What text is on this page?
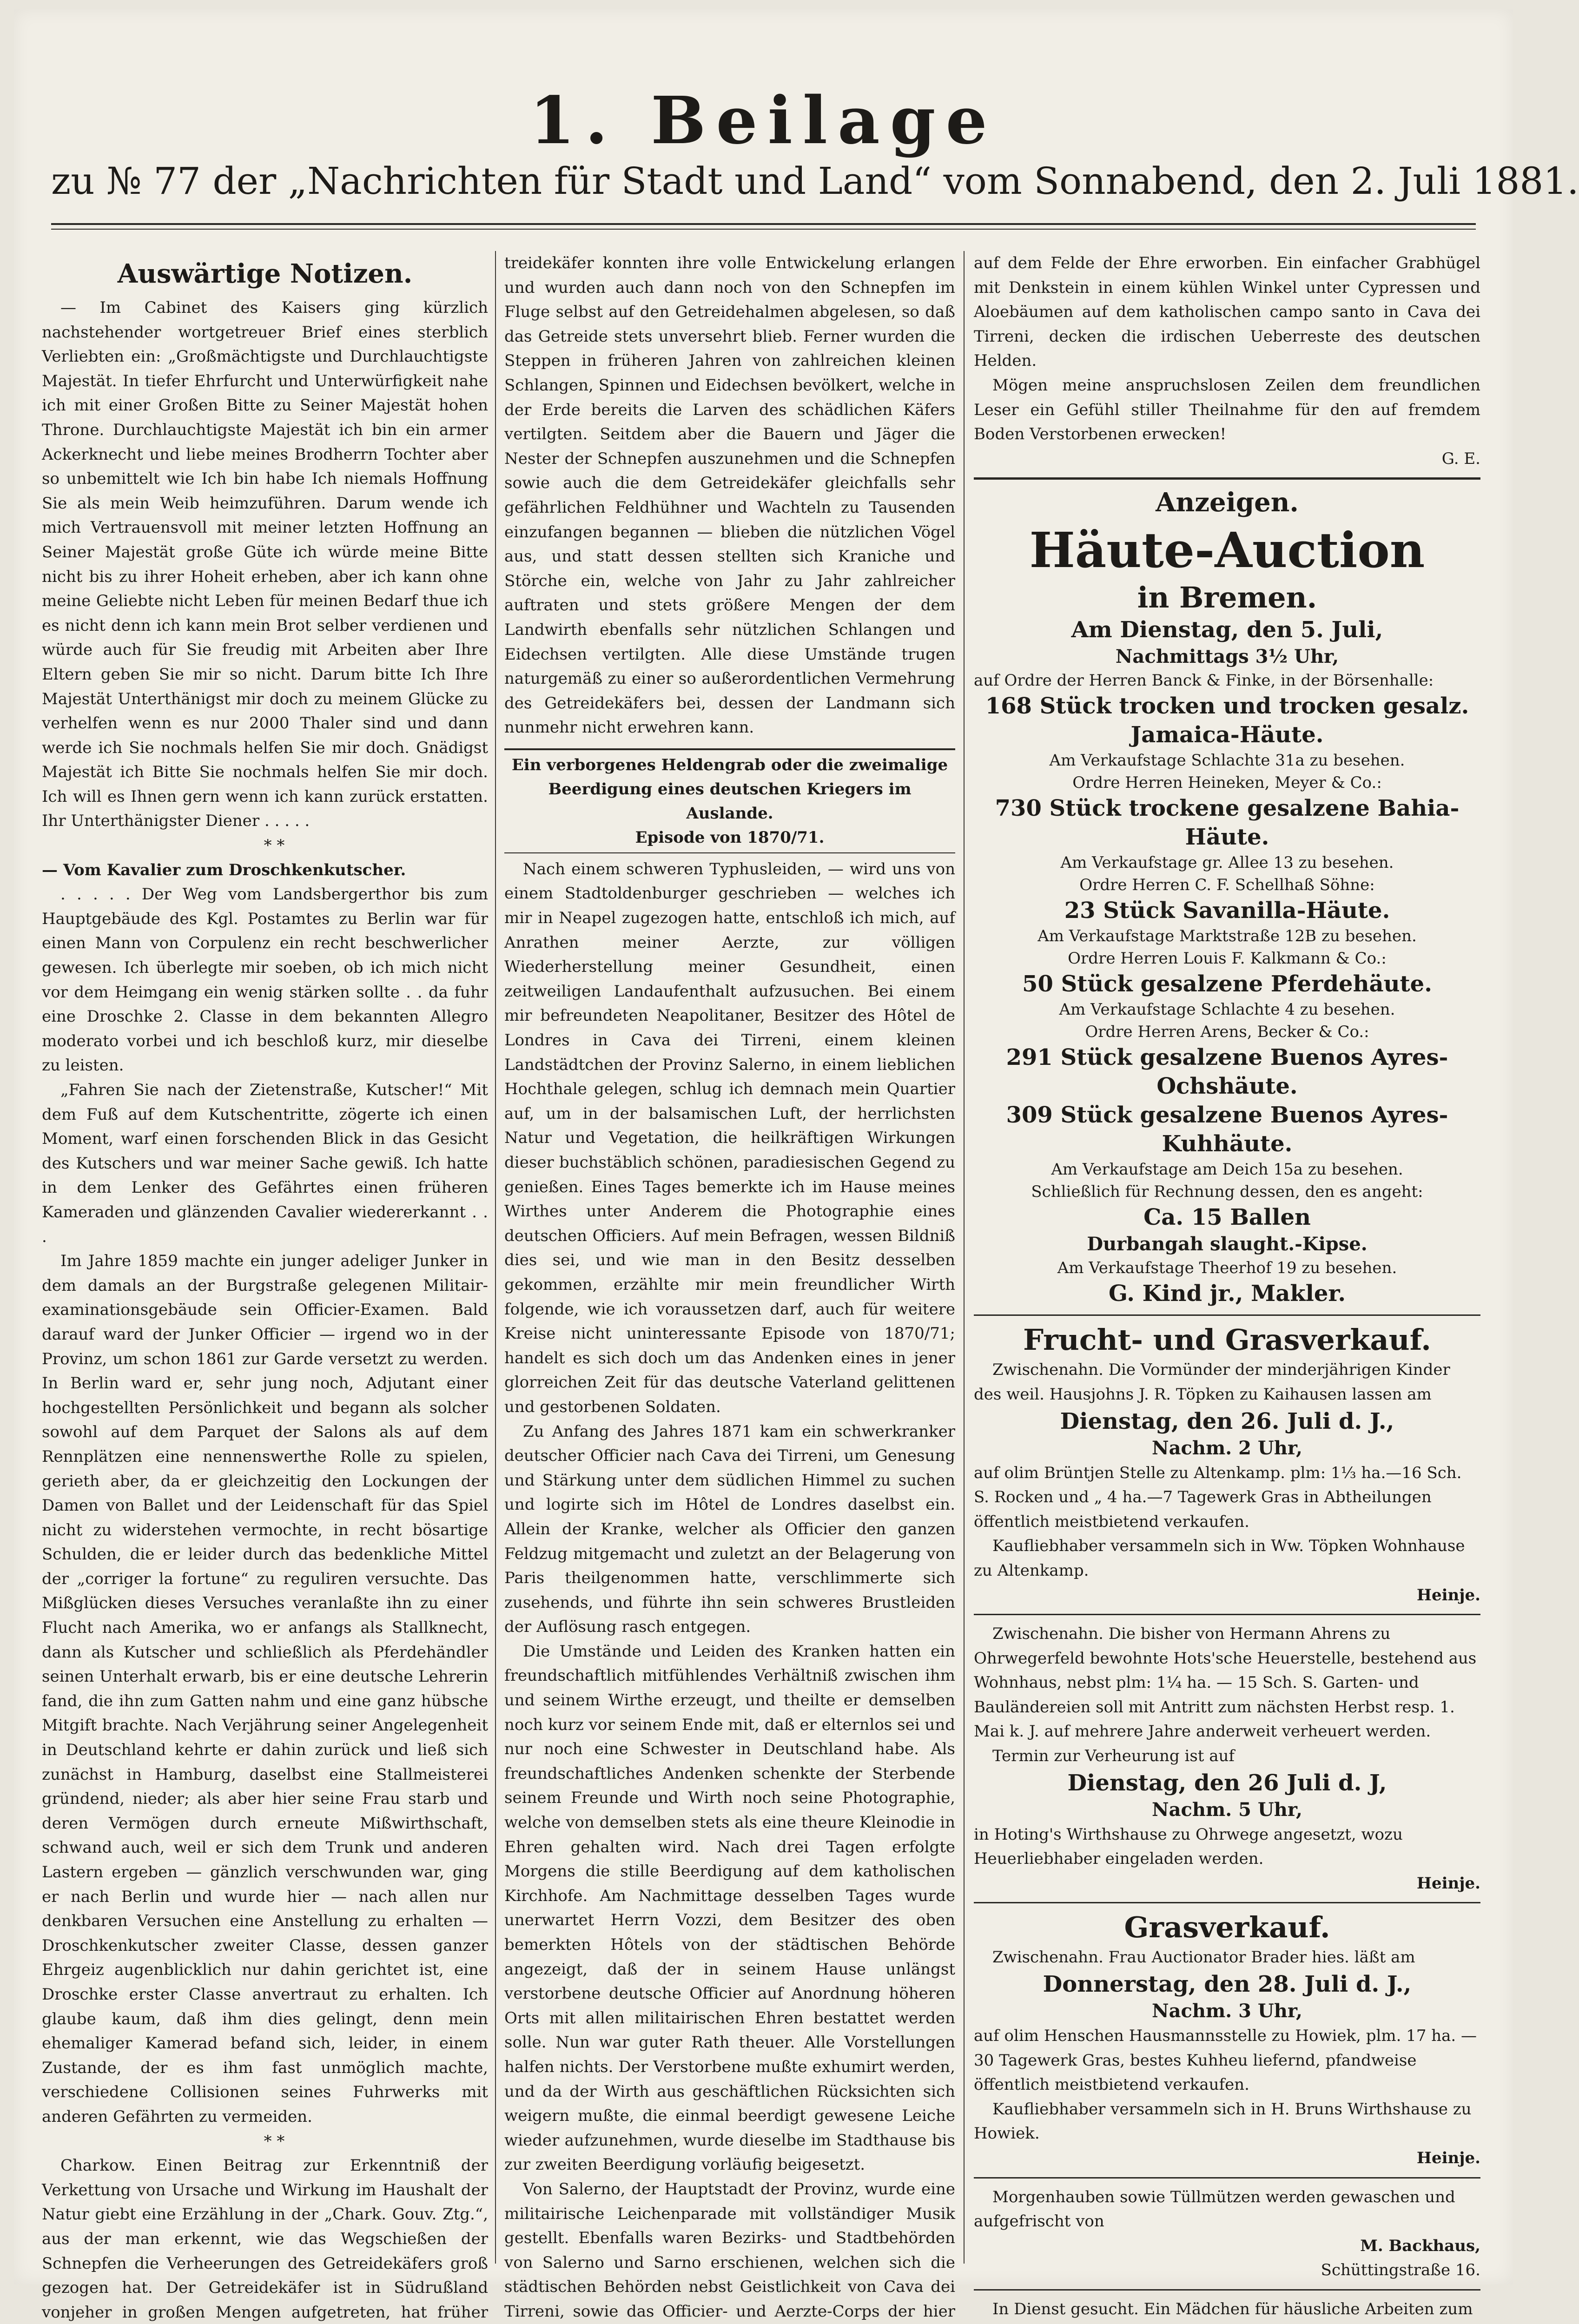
1. Beilage
zu № 77 der „Nachrichten für Stadt und Land“ vom Sonnabend, den 2. Juli 1881.
Auswärtige Notizen.

— Im Cabinet des Kaisers ging kürzlich nachstehender wortgetreuer Brief eines sterblich Verliebten ein: „Großmächtigste und Durchlauchtigste Majestät. In tiefer Ehrfurcht und Unterwürfigkeit nahe ich mit einer Großen Bitte zu Seiner Majestät hohen Throne. Durchlauchtigste Majestät ich bin ein armer Ackerknecht und liebe meines Brodherrn Tochter aber so unbemittelt wie Ich bin habe Ich niemals Hoffnung Sie als mein Weib heimzuführen. Darum wende ich mich Vertrauensvoll mit meiner letzten Hoffnung an Seiner Majestät große Güte ich würde meine Bitte nicht bis zu ihrer Hoheit erheben, aber ich kann ohne meine Geliebte nicht Leben für meinen Bedarf thue ich es nicht denn ich kann mein Brot selber verdienen und würde auch für Sie freudig mit Arbeiten aber Ihre Eltern geben Sie mir so nicht. Darum bitte Ich Ihre Majestät Unterthänigst mir doch zu meinem Glücke zu verhelfen wenn es nur 2000 Thaler sind und dann werde ich Sie nochmals helfen Sie mir doch. Gnädigst Majestät ich Bitte Sie nochmals helfen Sie mir doch. Ich will es Ihnen gern wenn ich kann zurück erstatten. Ihr Unterthänigster Diener . . . . .

* *

— Vom Kavalier zum Droschkenkutscher.

. . . . . Der Weg vom Landsbergerthor bis zum Hauptgebäude des Kgl. Postamtes zu Berlin war für einen Mann von Corpulenz ein recht beschwerlicher gewesen. Ich überlegte mir soeben, ob ich mich nicht vor dem Heimgang ein wenig stärken sollte . . da fuhr eine Droschke 2. Classe in dem bekannten Allegro moderato vorbei und ich beschloß kurz, mir dieselbe zu leisten.

„Fahren Sie nach der Zietenstraße, Kutscher!“ Mit dem Fuß auf dem Kutschentritte, zögerte ich einen Moment, warf einen forschenden Blick in das Gesicht des Kutschers und war meiner Sache gewiß. Ich hatte in dem Lenker des Gefährtes einen früheren Kameraden und glänzenden Cavalier wiedererkannt . . .

Im Jahre 1859 machte ein junger adeliger Junker in dem damals an der Burgstraße gelegenen Militair-examinationsgebäude sein Officier-Examen. Bald darauf ward der Junker Officier — irgend wo in der Provinz, um schon 1861 zur Garde versetzt zu werden. In Berlin ward er, sehr jung noch, Adjutant einer hochgestellten Persönlichkeit und begann als solcher sowohl auf dem Parquet der Salons als auf dem Rennplätzen eine nennenswerthe Rolle zu spielen, gerieth aber, da er gleichzeitig den Lockungen der Damen von Ballet und der Leidenschaft für das Spiel nicht zu widerstehen vermochte, in recht bösartige Schulden, die er leider durch das bedenkliche Mittel der „corriger la fortune“ zu reguliren versuchte. Das Mißglücken dieses Versuches veranlaßte ihn zu einer Flucht nach Amerika, wo er anfangs als Stallknecht, dann als Kutscher und schließlich als Pferdehändler seinen Unterhalt erwarb, bis er eine deutsche Lehrerin fand, die ihn zum Gatten nahm und eine ganz hübsche Mitgift brachte. Nach Verjährung seiner Angelegenheit in Deutschland kehrte er dahin zurück und ließ sich zunächst in Hamburg, daselbst eine Stallmeisterei gründend, nieder; als aber hier seine Frau starb und deren Vermögen durch erneute Mißwirthschaft, schwand auch, weil er sich dem Trunk und anderen Lastern ergeben — gänzlich verschwunden war, ging er nach Berlin und wurde hier — nach allen nur denkbaren Versuchen eine Anstellung zu erhalten — Droschkenkutscher zweiter Classe, dessen ganzer Ehrgeiz augenblicklich nur dahin gerichtet ist, eine Droschke erster Classe anvertraut zu erhalten. Ich glaube kaum, daß ihm dies gelingt, denn mein ehemaliger Kamerad befand sich, leider, in einem Zustande, der es ihm fast unmöglich machte, verschiedene Collisionen seines Fuhrwerks mit anderen Gefährten zu vermeiden.

* *

Charkow. Einen Beitrag zur Erkenntniß der Verkettung von Ursache und Wirkung im Haushalt der Natur giebt eine Erzählung in der „Chark. Gouv. Ztg.“, aus der man erkennt, wie das Wegschießen der Schnepfen die Verheerungen des Getreidekäfers groß gezogen hat. Der Getreidekäfer ist in Südrußland vonjeher in großen Mengen aufgetreten, hat früher

treidekäfer konnten ihre volle Entwickelung erlangen und wurden auch dann noch von den Schnepfen im Fluge selbst auf den Getreidehalmen abgelesen, so daß das Getreide stets unversehrt blieb. Ferner wurden die Steppen in früheren Jahren von zahlreichen kleinen Schlangen, Spinnen und Eidechsen bevölkert, welche in der Erde bereits die Larven des schädlichen Käfers vertilgten. Seitdem aber die Bauern und Jäger die Nester der Schnepfen auszunehmen und die Schnepfen sowie auch die dem Getreidekäfer gleichfalls sehr gefährlichen Feldhühner und Wachteln zu Tausenden einzufangen begannen — blieben die nützlichen Vögel aus, und statt dessen stellten sich Kraniche und Störche ein, welche von Jahr zu Jahr zahlreicher auftraten und stets größere Mengen der dem Landwirth ebenfalls sehr nützlichen Schlangen und Eidechsen vertilgten. Alle diese Umstände trugen naturgemäß zu einer so außerordentlichen Vermehrung des Getreidekäfers bei, dessen der Landmann sich nunmehr nicht erwehren kann.

Ein verborgenes Heldengrab oder die zweimalige Beerdigung eines deutschen Kriegers im Auslande.
Episode von 1870/71.

Nach einem schweren Typhusleiden, — wird uns von einem Stadtoldenburger geschrieben — welches ich mir in Neapel zugezogen hatte, entschloß ich mich, auf Anrathen meiner Aerzte, zur völligen Wiederherstellung meiner Gesundheit, einen zeitweiligen Landaufenthalt aufzusuchen. Bei einem mir befreundeten Neapolitaner, Besitzer des Hôtel de Londres in Cava dei Tirreni, einem kleinen Landstädtchen der Provinz Salerno, in einem lieblichen Hochthale gelegen, schlug ich demnach mein Quartier auf, um in der balsamischen Luft, der herrlichsten Natur und Vegetation, die heilkräftigen Wirkungen dieser buchstäblich schönen, paradiesischen Gegend zu genießen. Eines Tages bemerkte ich im Hause meines Wirthes unter Anderem die Photographie eines deutschen Officiers. Auf mein Befragen, wessen Bildniß dies sei, und wie man in den Besitz desselben gekommen, erzählte mir mein freundlicher Wirth folgende, wie ich voraussetzen darf, auch für weitere Kreise nicht uninteressante Episode von 1870/71; handelt es sich doch um das Andenken eines in jener glorreichen Zeit für das deutsche Vaterland gelittenen und gestorbenen Soldaten.

Zu Anfang des Jahres 1871 kam ein schwerkranker deutscher Officier nach Cava dei Tirreni, um Genesung und Stärkung unter dem südlichen Himmel zu suchen und logirte sich im Hôtel de Londres daselbst ein. Allein der Kranke, welcher als Officier den ganzen Feldzug mitgemacht und zuletzt an der Belagerung von Paris theilgenommen hatte, verschlimmerte sich zusehends, und führte ihn sein schweres Brustleiden der Auflösung rasch entgegen.

Die Umstände und Leiden des Kranken hatten ein freundschaftlich mitfühlendes Verhältniß zwischen ihm und seinem Wirthe erzeugt, und theilte er demselben noch kurz vor seinem Ende mit, daß er elternlos sei und nur noch eine Schwester in Deutschland habe. Als freundschaftliches Andenken schenkte der Sterbende seinem Freunde und Wirth noch seine Photographie, welche von demselben stets als eine theure Kleinodie in Ehren gehalten wird. Nach drei Tagen erfolgte Morgens die stille Beerdigung auf dem katholischen Kirchhofe. Am Nachmittage desselben Tages wurde unerwartet Herrn Vozzi, dem Besitzer des oben bemerkten Hôtels von der städtischen Behörde angezeigt, daß der in seinem Hause unlängst verstorbene deutsche Officier auf Anordnung höheren Orts mit allen militairischen Ehren bestattet werden solle. Nun war guter Rath theuer. Alle Vorstellungen halfen nichts. Der Verstorbene mußte exhumirt werden, und da der Wirth aus geschäftlichen Rücksichten sich weigern mußte, die einmal beerdigt gewesene Leiche wieder aufzunehmen, wurde dieselbe im Stadthause bis zur zweiten Beerdigung vorläufig beigesetzt.

Von Salerno, der Hauptstadt der Provinz, wurde eine militairische Leichenparade mit vollständiger Musik gestellt. Ebenfalls waren Bezirks- und Stadtbehörden von Salerno und Sarno erschienen, welchen sich die städtischen Behörden nebst Geistlichkeit von Cava dei Tirreni, sowie das Officier- und Aerzte-Corps der hier

auf dem Felde der Ehre erworben. Ein einfacher Grabhügel mit Denkstein in einem kühlen Winkel unter Cypressen und Aloebäumen auf dem katholischen campo santo in Cava dei Tirreni, decken die irdischen Ueberreste des deutschen Helden.

Mögen meine anspruchslosen Zeilen dem freundlichen Leser ein Gefühl stiller Theilnahme für den auf fremdem Boden Verstorbenen erwecken!

G. E.

Anzeigen.
Häute-Auction
in Bremen.
Am Dienstag, den 5. Juli,
Nachmittags 3½ Uhr,
auf Ordre der Herren Banck & Finke, in der Börsenhalle:
168 Stück trocken und trocken gesalz.
Jamaica-Häute.
Am Verkaufstage Schlachte 31a zu besehen.
Ordre Herren Heineken, Meyer & Co.:
730 Stück trockene gesalzene Bahia-Häute.
Am Verkaufstage gr. Allee 13 zu besehen.
Ordre Herren C. F. Schellhaß Söhne:
23 Stück Savanilla-Häute.
Am Verkaufstage Marktstraße 12B zu besehen.
Ordre Herren Louis F. Kalkmann & Co.:
50 Stück gesalzene Pferdehäute.
Am Verkaufstage Schlachte 4 zu besehen.
Ordre Herren Arens, Becker & Co.:
291 Stück gesalzene Buenos Ayres-Ochshäute.
309 Stück gesalzene Buenos Ayres-Kuhhäute.
Am Verkaufstage am Deich 15a zu besehen.
Schließlich für Rechnung dessen, den es angeht:
Ca. 15 Ballen
Durbangah slaught.-Kipse.
Am Verkaufstage Theerhof 19 zu besehen.
G. Kind jr., Makler.
Frucht- und Grasverkauf.

Zwischenahn. Die Vormünder der minderjährigen Kinder des weil. Hausjohns J. R. Töpken zu Kaihausen lassen am

Dienstag, den 26. Juli d. J.,
Nachm. 2 Uhr,

auf olim Brüntjen Stelle zu Altenkamp. plm: 1⅓ ha.—16 Sch. S. Rocken und „ 4 ha.—7 Tagewerk Gras in Abtheilungen öffentlich meistbietend verkaufen.

Kaufliebhaber versammeln sich in Ww. Töpken Wohnhause zu Altenkamp.

Heinje.

Zwischenahn. Die bisher von Hermann Ahrens zu Ohrwegerfeld bewohnte Hots'sche Heuerstelle, bestehend aus Wohnhaus, nebst plm: 1¼ ha. — 15 Sch. S. Garten- und Bauländereien soll mit Antritt zum nächsten Herbst resp. 1. Mai k. J. auf mehrere Jahre anderweit verheuert werden.

Termin zur Verheurung ist auf

Dienstag, den 26 Juli d. J,
Nachm. 5 Uhr,

in Hoting's Wirthshause zu Ohrwege angesetzt, wozu Heuerliebhaber eingeladen werden.

Heinje.
Grasverkauf.

Zwischenahn. Frau Auctionator Brader hies. läßt am

Donnerstag, den 28. Juli d. J.,
Nachm. 3 Uhr,

auf olim Henschen Hausmannsstelle zu Howiek, plm. 17 ha. — 30 Tagewerk Gras, bestes Kuhheu liefernd, pfandweise öffentlich meistbietend verkaufen.

Kaufliebhaber versammeln sich in H. Bruns Wirthshause zu Howiek.

Heinje.

Morgenhauben sowie Tüllmützen werden gewaschen und aufgefrischt von

M. Backhaus,
Schüttingstraße 16.

In Dienst gesucht. Ein Mädchen für häusliche Arbeiten zum
